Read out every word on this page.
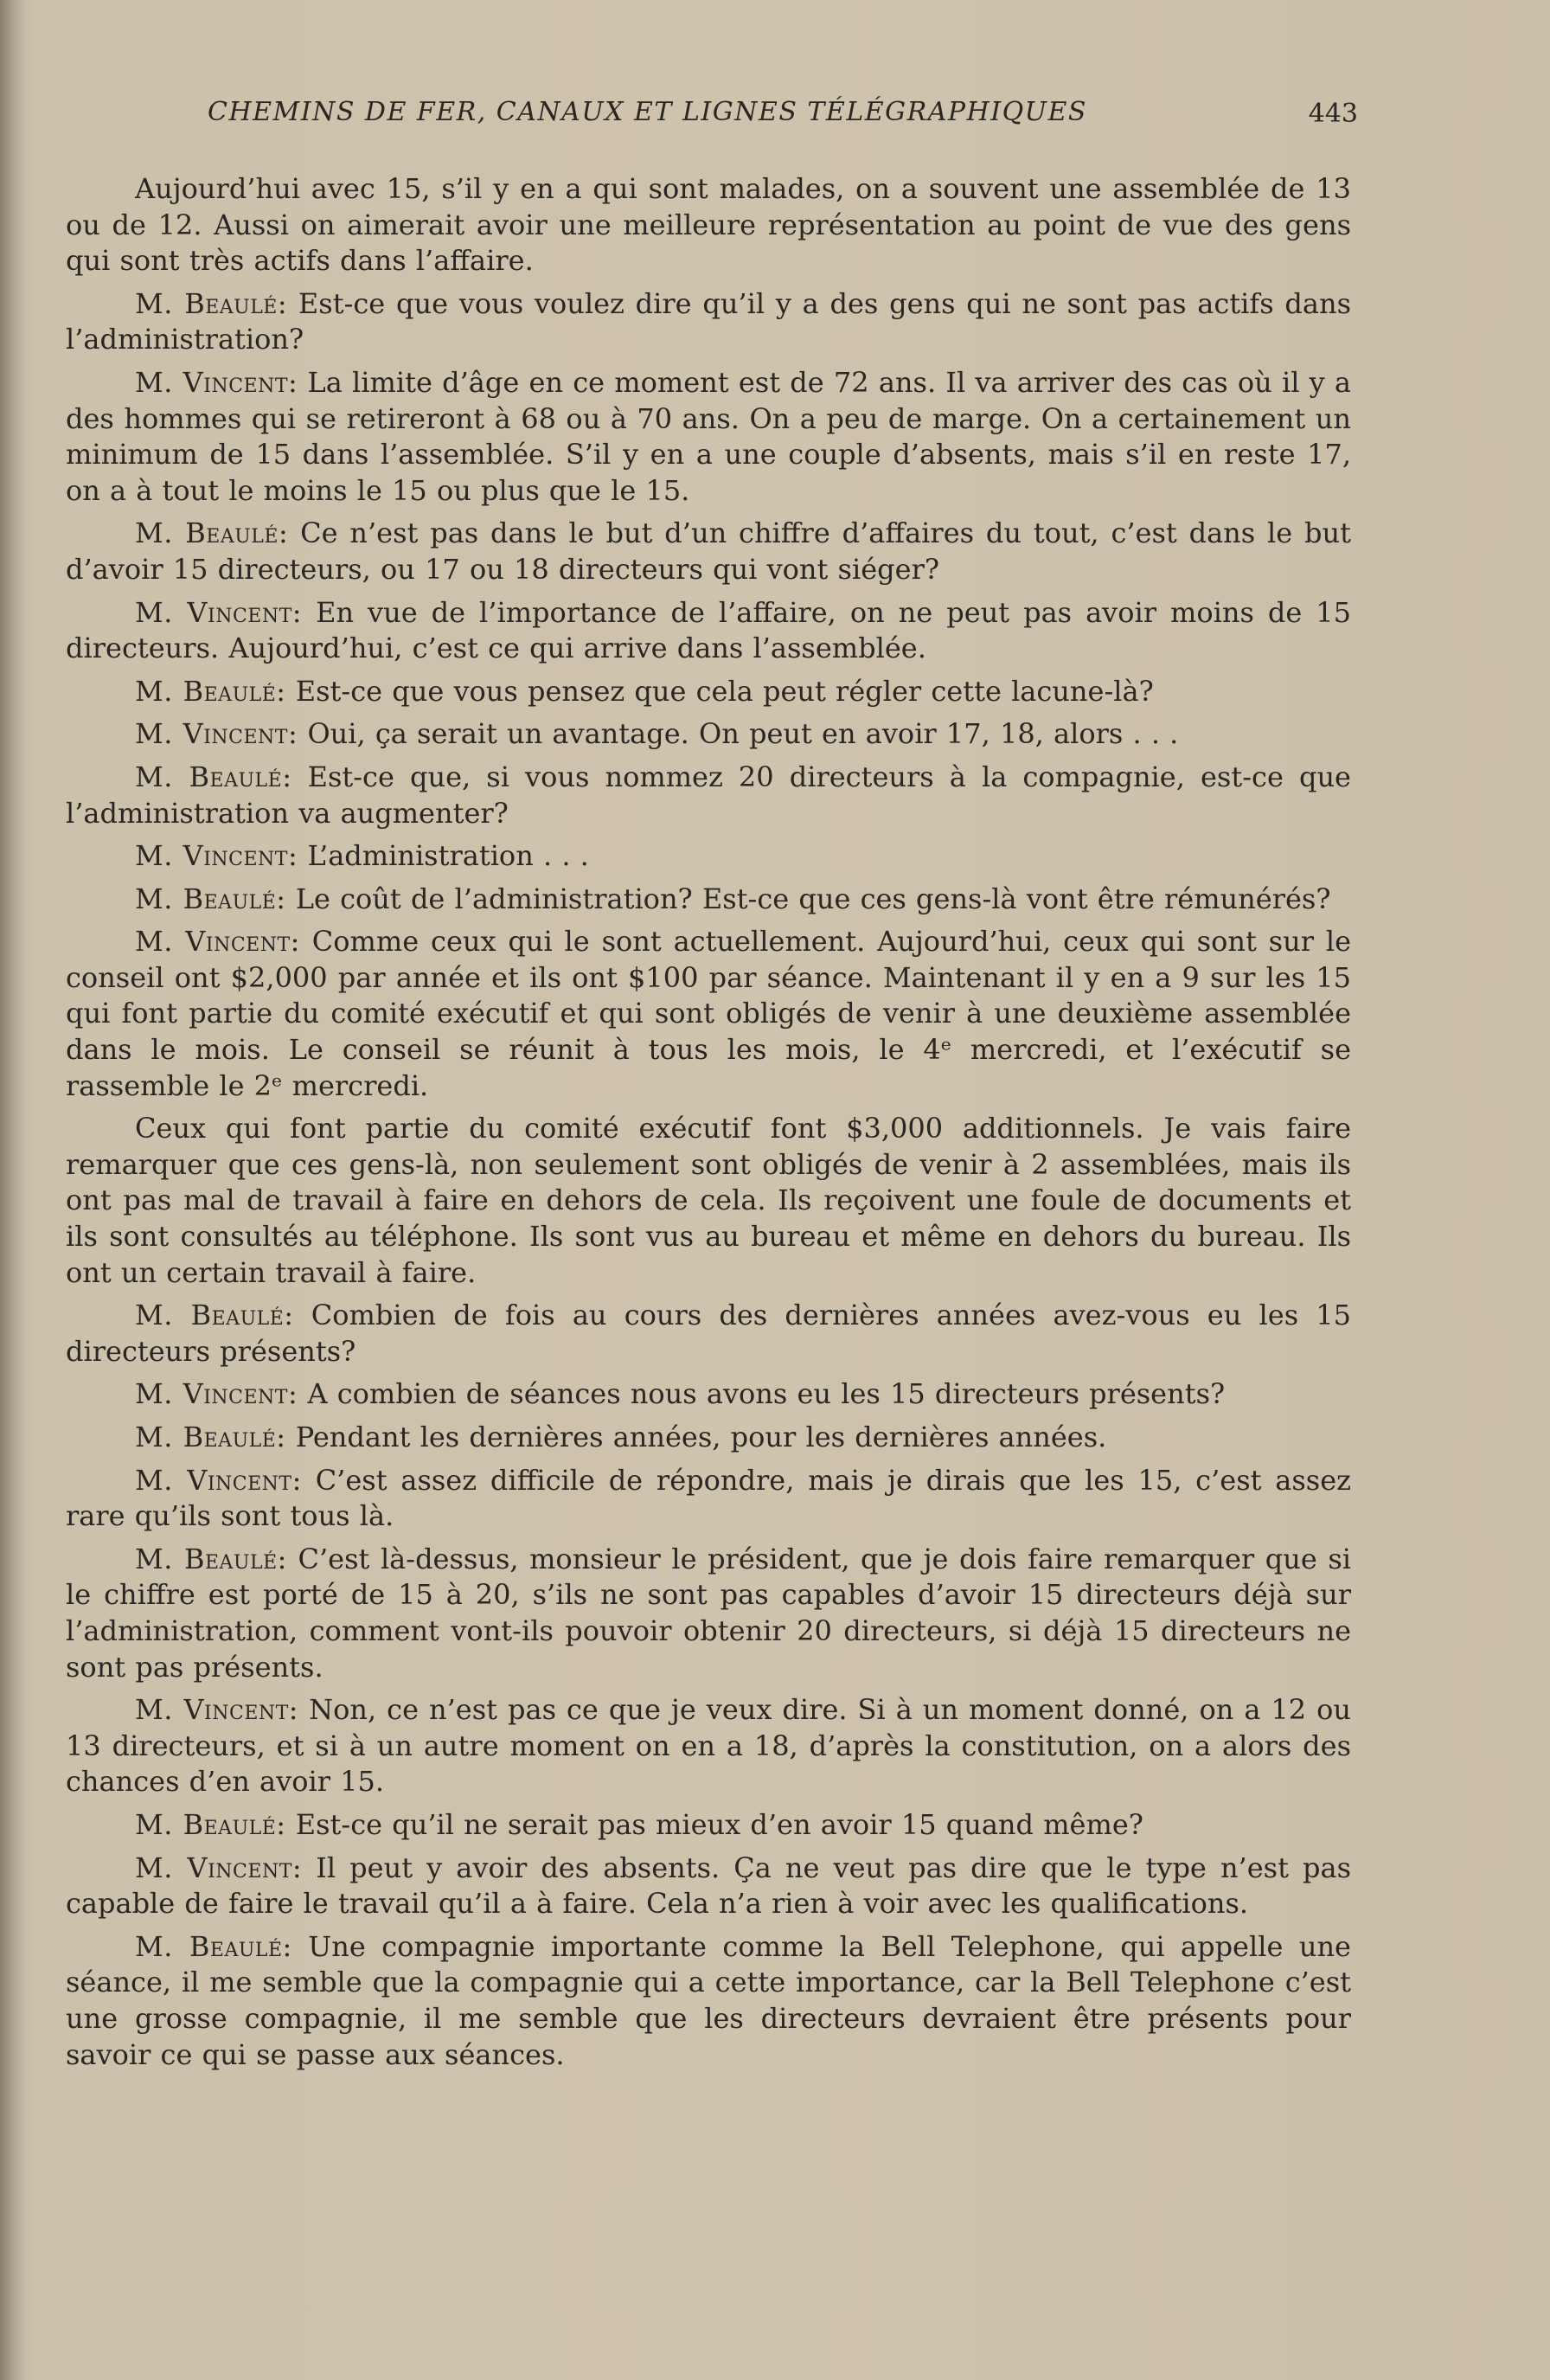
CHEMINS DE FER, CANAUX ET LIGNES TÉLÉGRAPHIQUES	443

Aujourd’hui avec 15, s’il y en a qui sont malades, on a souvent une assemblée de 13 ou de 12. Aussi on aimerait avoir une meilleure représentation au point de vue des gens qui sont très actifs dans l’affaire.

M. Beaulé: Est-ce que vous voulez dire qu’il y a des gens qui ne sont pas actifs dans l’administration?

M. Vincent: La limite d’âge en ce moment est de 72 ans. Il va arriver des cas où il y a des hommes qui se retireront à 68 ou à 70 ans. On a peu de marge. On a certainement un minimum de 15 dans l’assemblée. S’il y en a une couple d’absents, mais s’il en reste 17, on a à tout le moins le 15 ou plus que le 15.

M. Beaulé: Ce n’est pas dans le but d’un chiffre d’affaires du tout, c’est dans le but d’avoir 15 directeurs, ou 17 ou 18 directeurs qui vont siéger?

M. Vincent: En vue de l’importance de l’affaire, on ne peut pas avoir moins de 15 directeurs. Aujourd’hui, c’est ce qui arrive dans l’assemblée.

M. Beaulé: Est-ce que vous pensez que cela peut régler cette lacune-là?

M. Vincent: Oui, ça serait un avantage. On peut en avoir 17, 18, alors . . .

M. Beaulé: Est-ce que, si vous nommez 20 directeurs à la compagnie, est-ce que l’administration va augmenter?

M. Vincent: L’administration . . .

M. Beaulé: Le coût de l’administration? Est-ce que ces gens-là vont être rémunérés?

M. Vincent: Comme ceux qui le sont actuellement. Aujourd’hui, ceux qui sont sur le conseil ont $2,000 par année et ils ont $100 par séance. Maintenant il y en a 9 sur les 15 qui font partie du comité exécutif et qui sont obligés de venir à une deuxième assemblée dans le mois. Le conseil se réunit à tous les mois, le 4ᵉ mercredi, et l’exécutif se rassemble le 2ᵉ mercredi.

Ceux qui font partie du comité exécutif font $3,000 additionnels. Je vais faire remarquer que ces gens-là, non seulement sont obligés de venir à 2 assemblées, mais ils ont pas mal de travail à faire en dehors de cela. Ils reçoivent une foule de documents et ils sont consultés au téléphone. Ils sont vus au bureau et même en dehors du bureau. Ils ont un certain travail à faire.

M. Beaulé: Combien de fois au cours des dernières années avez-vous eu les 15 directeurs présents?

M. Vincent: A combien de séances nous avons eu les 15 directeurs présents?

M. Beaulé: Pendant les dernières années, pour les dernières années.

M. Vincent: C’est assez difficile de répondre, mais je dirais que les 15, c’est assez rare qu’ils sont tous là.

M. Beaulé: C’est là-dessus, monsieur le président, que je dois faire remarquer que si le chiffre est porté de 15 à 20, s’ils ne sont pas capables d’avoir 15 directeurs déjà sur l’administration, comment vont-ils pouvoir obtenir 20 directeurs, si déjà 15 directeurs ne sont pas présents.

M. Vincent: Non, ce n’est pas ce que je veux dire. Si à un moment donné, on a 12 ou 13 directeurs, et si à un autre moment on en a 18, d’après la constitution, on a alors des chances d’en avoir 15.

M. Beaulé: Est-ce qu’il ne serait pas mieux d’en avoir 15 quand même?

M. Vincent: Il peut y avoir des absents. Ça ne veut pas dire que le type n’est pas capable de faire le travail qu’il a à faire. Cela n’a rien à voir avec les qualifications.

M. Beaulé: Une compagnie importante comme la Bell Telephone, qui appelle une séance, il me semble que la compagnie qui a cette importance, car la Bell Telephone c’est une grosse compagnie, il me semble que les directeurs devraient être présents pour savoir ce qui se passe aux séances.
